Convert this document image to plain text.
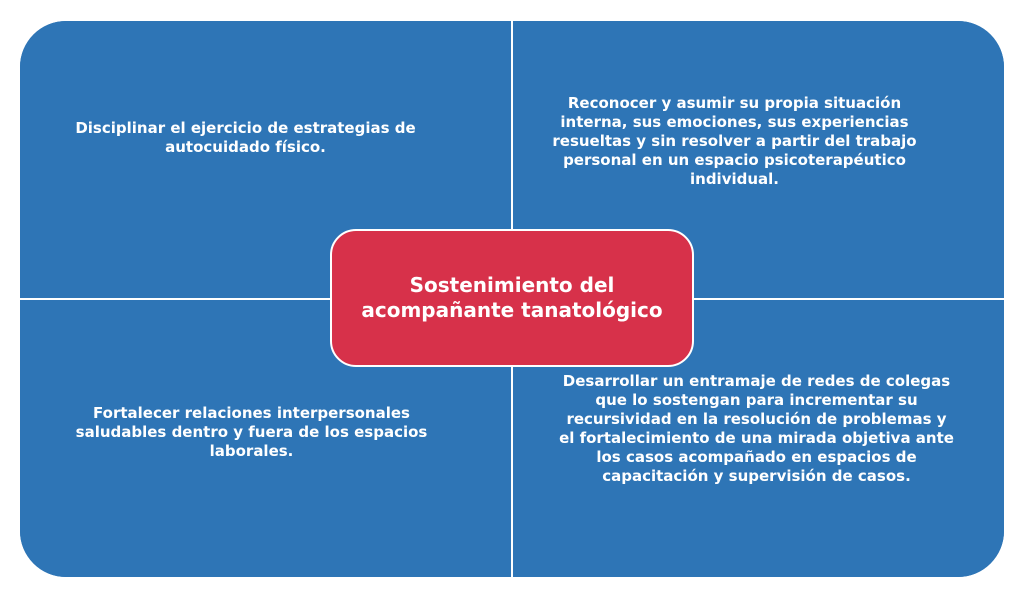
Disciplinar el ejercicio de estrategias de
autocuidado físico.

Reconocer y asumir su propia situación
interna, sus emociones, sus experiencias
resueltas y sin resolver a partir del trabajo
personal en un espacio psicoterapéutico
individual.

Fortalecer relaciones interpersonales
saludables dentro y fuera de los espacios
laborales.

Desarrollar un entramaje de redes de colegas
que lo sostengan para incrementar su
recursividad en la resolución de problemas y
el fortalecimiento de una mirada objetiva ante
los casos acompañado en espacios de
capacitación y supervisión de casos.

Sostenimiento del
acompañante tanatológico
